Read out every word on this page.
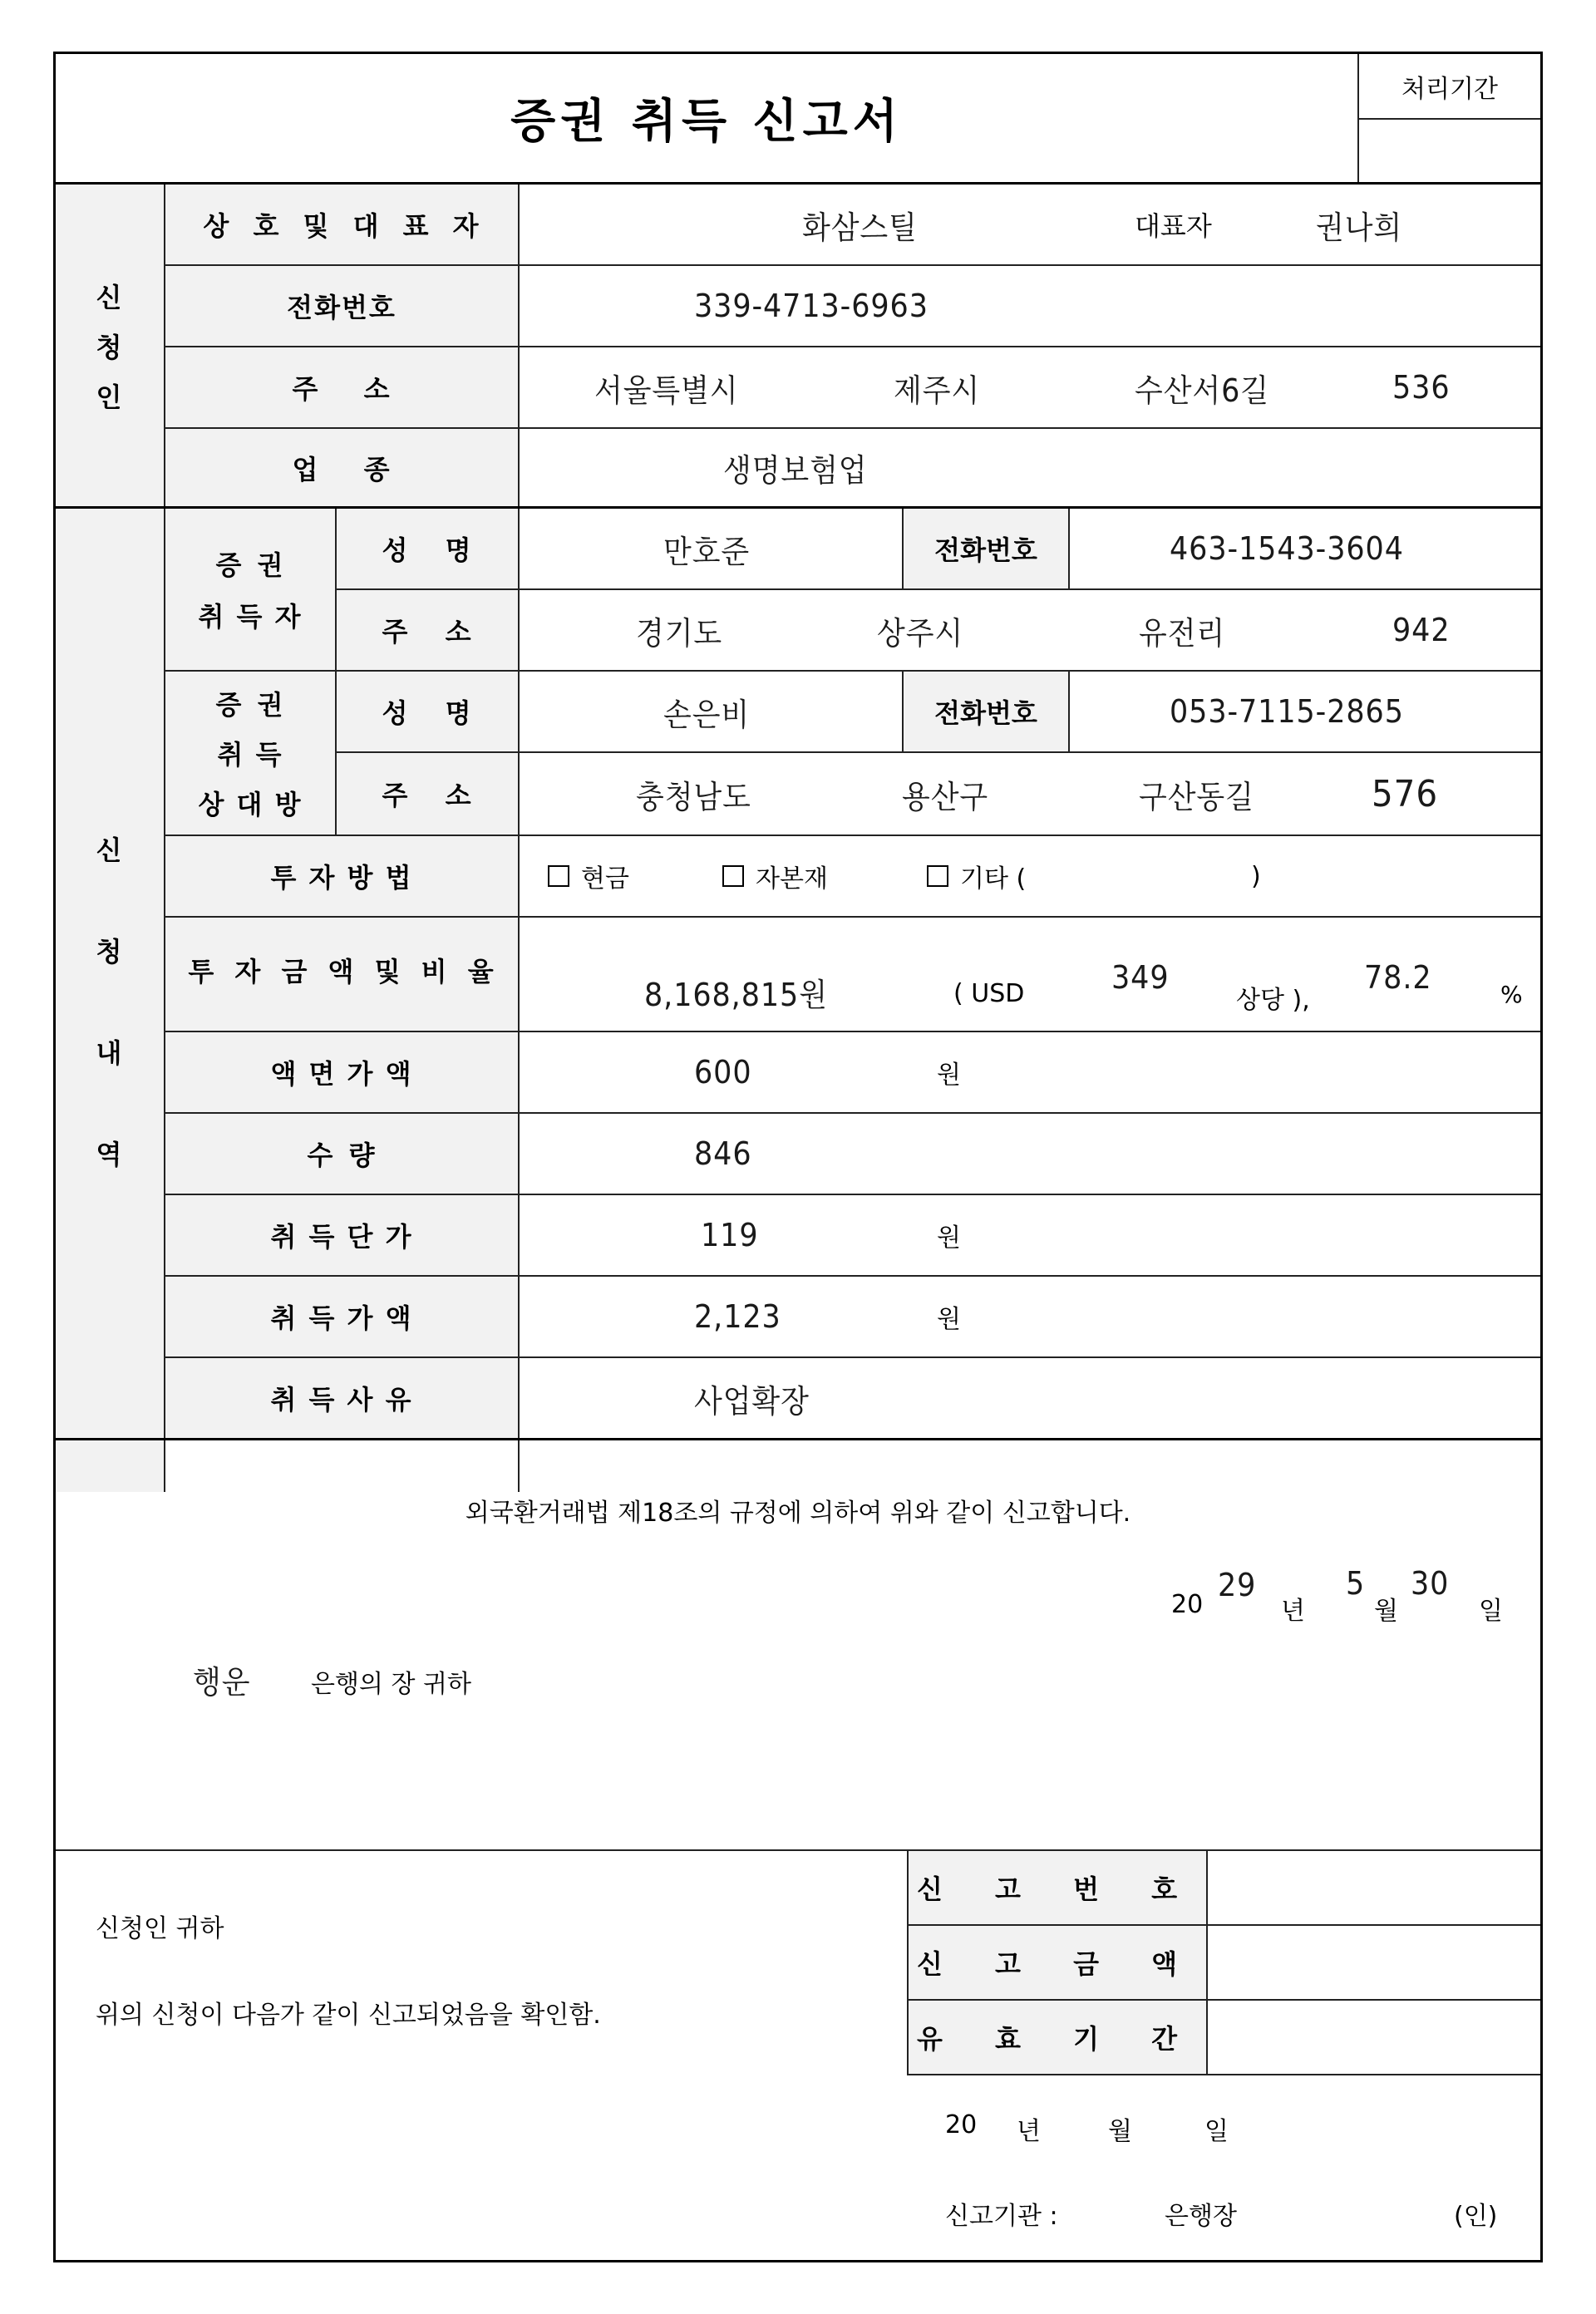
증권 취득 신고서
처리기간
신
청
인
상 호 및 대 표 자	화삼스틸	대표자	권나희
전화번호	339-4713-6963
주 소	서울특별시	제주시	수산서6길	536
업 종	생명보험업
신
청
내
역
증 권
취 득 자
성 명	만호준	전화번호	463-1543-3604
주 소	경기도	상주시	유전리	942
증 권
취 득
상 대 방
성 명	손은비	전화번호	053-7115-2865
주 소	충청남도	용산구	구산동길	576
투 자 방 법	현금	자본재	기타 (	)
투 자 금 액 및 비 율
8,168,815원	( USD	349
상당 ),
78.2	%
액 면 가 액	600	원
수 량	846
취 득 단 가	119	원
취 득 가 액	2,123	원
취 득 사 유	사업확장
외국환거래법 제18조의 규정에 의하여 위와 같이 신고합니다.
20
29
년
5
월
30
일
행운 은행의 장 귀하
신청인 귀하
위의 신청이 다음가 같이 신고되었음을 확인함.
신 고 번 호
신 고 금 액
유 효 기 간
20 년	월	일
신고기관 :	은행장	(인)
